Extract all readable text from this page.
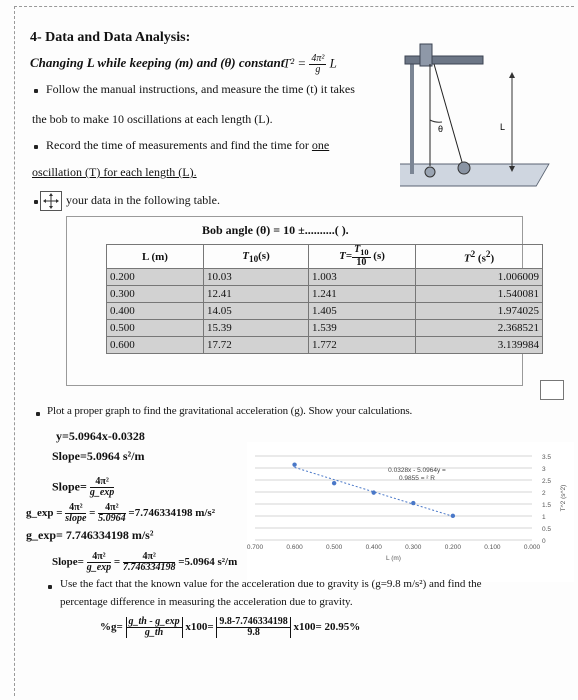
4- Data and Data Analysis:
Changing L while keeping (m) and (θ) constant
$T^2 = \frac{\text{4π²}}{g}$ L
θ	L
Follow the manual instructions, and measure the time (t) it takes
the bob to make 10 oscillations at each length (L).
Record the time of measurements and find the time for one
oscillation (T) for each length (L).
your data in the following table.
Bob angle (θ) = 10 ±..........( ).
L (m)	$T_{10}(s)$	$T= \frac{T_{10}}{10} (s)$	$T^2$ $(s^2)$
0.200	10.03	1.003	1.006009
0.300	12.41	1.241	1.540081
0.400	14.05	1.405	1.974025
0.500	15.39	1.539	2.368521
0.600	17.72	1.772	3.139984
Plot a proper graph to find the gravitational acceleration (g). Show your calculations.
y=5.0964x-0.0328
Slope=5.0964 s²/m
Slope= $\frac{\text{4π²}}{g\_\exp}$
g_exp = $\frac{\text{4π²}}{\text{slope}} = \frac{\text{4π²}}{5.0964} =7.746334198$ m/s²
g_exp= 7.746334198 m/s²
Slope= $\frac{\text{4π²}}{g\_\exp} = \frac{\text{4π²}}{7.746334198} =5.0964$ s²/m
3.5
3
2.5
2
1.5
1
0.5
0
0.700	0.600	0.500	0.400	0.300	0.200	0.100	0.000
L (m)
T^2 (s^2)
0.0328x - 5.0964y =
0.9855 = ² R
Use the fact that the known value for the acceleration due to gravity is (g=9.8 m/s²) and find the
percentage difference in measuring the acceleration due to gravity.
$\%g= \frac{g\_th - g\_\exp}{g\_th} x100= \frac{9.8-7.746334198}{9.8} x100= 20.95\%$
